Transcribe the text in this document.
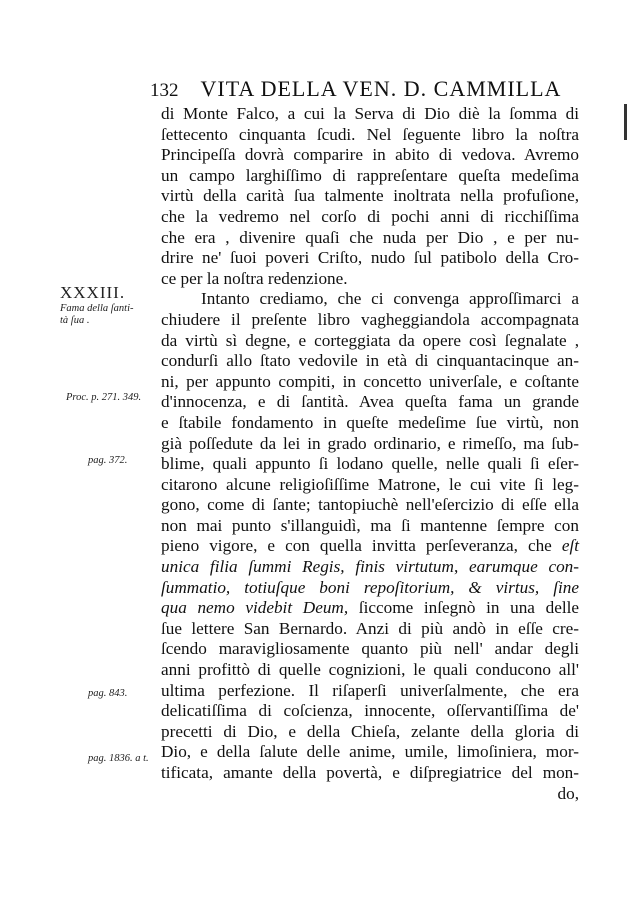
132 VITA DELLA VEN. D. CAMMILLA
XXXIII.
Fama della ſanti-
tà ſua .
Proc. p. 271. 349.
pag. 372.
pag. 843.
pag. 1836. a t.
di Monte Falco, a cui la Serva di Dio diè la ſomma di
ſettecento cinquanta ſcudi. Nel ſeguente libro la noſtra
Principeſſa dovrà comparire in abito di vedova. Avremo
un campo larghiſſimo di rappreſentare queſta medeſima
virtù della carità ſua talmente inoltrata nella profuſione,
che la vedremo nel corſo di pochi anni di ricchiſſima
che era , divenire quaſi che nuda per Dio , e per nu-
drire ne' ſuoi poveri Criſto, nudo ſul patibolo della Cro-
ce per la noſtra redenzione.
Intanto crediamo, che ci convenga approſſimarci a
chiudere il preſente libro vagheggiandola accompagnata
da virtù sì degne, e corteggiata da opere così ſegnalate ,
condurſi allo ſtato vedovile in età di cinquantacinque an-
ni, per appunto compiti, in concetto univerſale, e coſtante
d'innocenza, e di ſantità. Avea queſta fama un grande
e ſtabile fondamento in queſte medeſime ſue virtù, non
già poſſedute da lei in grado ordinario, e rimeſſo, ma ſub-
blime, quali appunto ſi lodano quelle, nelle quali ſi eſer-
citarono alcune religioſiſſime Matrone, le cui vite ſi leg-
gono, come di ſante; tantopiuchè nell'eſercizio di eſſe ella
non mai punto s'illanguidì, ma ſi mantenne ſempre con
pieno vigore, e con quella invitta perſeveranza, che eſt
unica filia ſummi Regis, finis virtutum, earumque con-
ſummatio, totiuſque boni repoſitorium, & virtus, ſine
qua nemo videbit Deum, ſiccome inſegnò in una delle
ſue lettere San Bernardo. Anzi di più andò in eſſe cre-
ſcendo maravigliosamente quanto più nell' andar degli
anni profittò di quelle cognizioni, le quali conducono all'
ultima perfezione. Il riſaperſi univerſalmente, che era
delicatiſſima di coſcienza, innocente, oſſervantiſſima de'
precetti di Dio, e della Chieſa, zelante della gloria di
Dio, e della ſalute delle anime, umile, limoſiniera, mor-
tificata, amante della povertà, e diſpregiatrice del mon-
do,
